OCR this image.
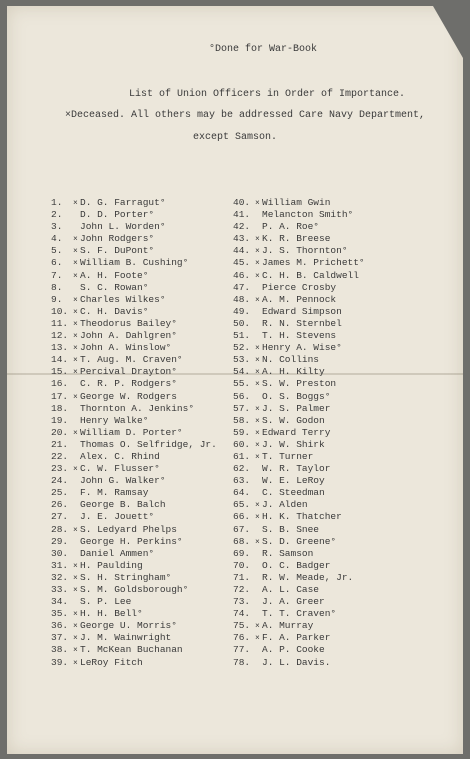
°Done for War-Book
List of Union Officers in Order of Importance.
×Deceased. All others may be addressed Care Navy Department,
except Samson.
1. × D. G. Farragut°
2. D. D. Porter°
3. John L. Worden°
4. × John Rodgers°
5. × S. F. DuPont°
6. × William B. Cushing°
7. × A. H. Foote°
8. S. C. Rowan°
9. × Charles Wilkes°
10. × C. H. Davis°
11. × Theodorus Bailey°
12. × John A. Dahlgren°
13. × John A. Winslow°
14. × T. Aug. M. Craven°
15. × Percival Drayton°
16. C. R. P. Rodgers°
17. × George W. Rodgers
18. Thornton A. Jenkins°
19. Henry Walke°
20. × William D. Porter°
21. Thomas O. Selfridge, Jr.
22. Alex. C. Rhind
23. × C. W. Flusser°
24. John G. Walker°
25. F. M. Ramsay
26. George B. Balch
27. J. E. Jouett°
28. × S. Ledyard Phelps
29. George H. Perkins°
30. Daniel Ammen°
31. × H. Paulding
32. × S. H. Stringham°
33. × S. M. Goldsborough°
34. S. P. Lee
35. × H. H. Bell°
36. × George U. Morris°
37. × J. M. Wainwright
38. × T. McKean Buchanan
39. × LeRoy Fitch
40. × William Gwin
41. Melancton Smith°
42. P. A. Roe°
43. × K. R. Breese
44. × J. S. Thornton°
45. × James M. Prichett°
46. × C. H. B. Caldwell
47. Pierce Crosby
48. × A. M. Pennock
49. Edward Simpson
50. R. N. Sternbel
51. T. H. Stevens
52. × Henry A. Wise°
53. × N. Collins
54. × A. H. Kilty
55. × S. W. Preston
56. O. S. Boggs°
57. × J. S. Palmer
58. × S. W. Godon
59. × Edward Terry
60. × J. W. Shirk
61. × T. Turner
62. W. R. Taylor
63. W. E. LeRoy
64. C. Steedman
65. × J. Alden
66. × H. K. Thatcher
67. S. B. Snee
68. × S. D. Greene°
69. R. Samson
70. O. C. Badger
71. R. W. Meade, Jr.
72. A. L. Case
73. J. A. Greer
74. T. T. Craven°
75. × A. Murray
76. × F. A. Parker
77. A. P. Cooke
78. J. L. Davis.
